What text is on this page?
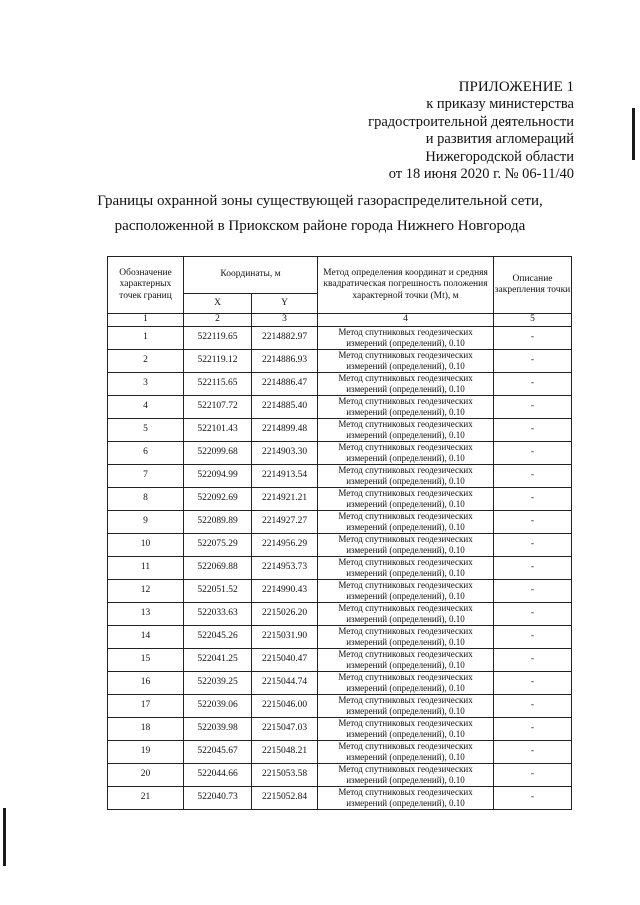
ПРИЛОЖЕНИЕ 1
к приказу министерства
градостроительной деятельности
и развития агломераций
Нижегородской области
от 18 июня 2020 г. № 06-11/40
Границы охранной зоны существующей газораспределительной сети,
расположенной в Приокском районе города Нижнего Новгорода
Обозначение характерных точек границ	Координаты, м		Метод определения координат и средняя квадратическая погрешность положения характерной точки (Mt), м	Описание закрепления точки
	X	Y		
1	2	3	4	5
1	522119.65	2214882.97	Метод спутниковых геодезических измерений (определений), 0.10	-
2	522119.12	2214886.93	Метод спутниковых геодезических измерений (определений), 0.10	-
3	522115.65	2214886.47	Метод спутниковых геодезических измерений (определений), 0.10	-
4	522107.72	2214885.40	Метод спутниковых геодезических измерений (определений), 0.10	-
5	522101.43	2214899.48	Метод спутниковых геодезических измерений (определений), 0.10	-
6	522099.68	2214903.30	Метод спутниковых геодезических измерений (определений), 0.10	-
7	522094.99	2214913.54	Метод спутниковых геодезических измерений (определений), 0.10	-
8	522092.69	2214921.21	Метод спутниковых геодезических измерений (определений), 0.10	-
9	522089.89	2214927.27	Метод спутниковых геодезических измерений (определений), 0.10	-
10	522075.29	2214956.29	Метод спутниковых геодезических измерений (определений), 0.10	-
11	522069.88	2214953.73	Метод спутниковых геодезических измерений (определений), 0.10	-
12	522051.52	2214990.43	Метод спутниковых геодезических измерений (определений), 0.10	-
13	522033.63	2215026.20	Метод спутниковых геодезических измерений (определений), 0.10	-
14	522045.26	2215031.90	Метод спутниковых геодезических измерений (определений), 0.10	-
15	522041.25	2215040.47	Метод спутниковых геодезических измерений (определений), 0.10	-
16	522039.25	2215044.74	Метод спутниковых геодезических измерений (определений), 0.10	-
17	522039.06	2215046.00	Метод спутниковых геодезических измерений (определений), 0.10	-
18	522039.98	2215047.03	Метод спутниковых геодезических измерений (определений), 0.10	-
19	522045.67	2215048.21	Метод спутниковых геодезических измерений (определений), 0.10	-
20	522044.66	2215053.58	Метод спутниковых геодезических измерений (определений), 0.10	-
21	522040.73	2215052.84	Метод спутниковых геодезических измерений (определений), 0.10	-
